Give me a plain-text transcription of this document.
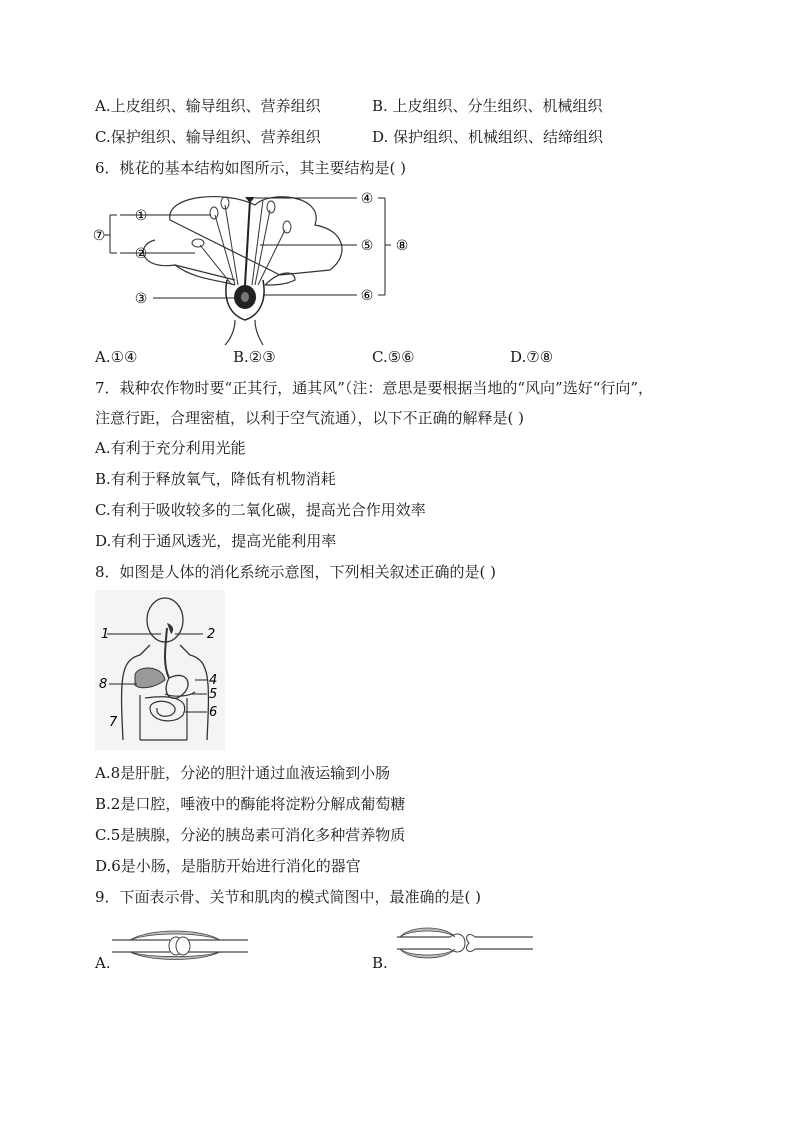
A.上皮组织、输导组织、营养组织	B. 上皮组织、分生组织、机械组织
C.保护组织、输导组织、营养组织	D. 保护组织、机械组织、结缔组织
6．桃花的基本结构如图所示，其主要结构是( )
①
②
③
④
⑤
⑥
⑦
⑧
A.①④	B.②③	C.⑤⑥	D.⑦⑧
7．栽种农作物时要“正其行，通其风”（注：意思是要根据当地的“风向”选好“行向”，
注意行距，合理密植，以利于空气流通），以下不正确的解释是( )
A.有利于充分利用光能
B.有利于释放氧气，降低有机物消耗
C.有利于吸收较多的二氧化碳，提高光合作用效率
D.有利于通风透光，提高光能利用率
8．如图是人体的消化系统示意图，下列相关叙述正确的是( )
1	2
4
8
5
6
7
A.8是肝脏，分泌的胆汁通过血液运输到小肠
B.2是口腔，唾液中的酶能将淀粉分解成葡萄糖
C.5是胰腺，分泌的胰岛素可消化多种营养物质
D.6是小肠，是脂肪开始进行消化的器官
9．下面表示骨、关节和肌肉的模式简图中，最准确的是( )
A.	B.
